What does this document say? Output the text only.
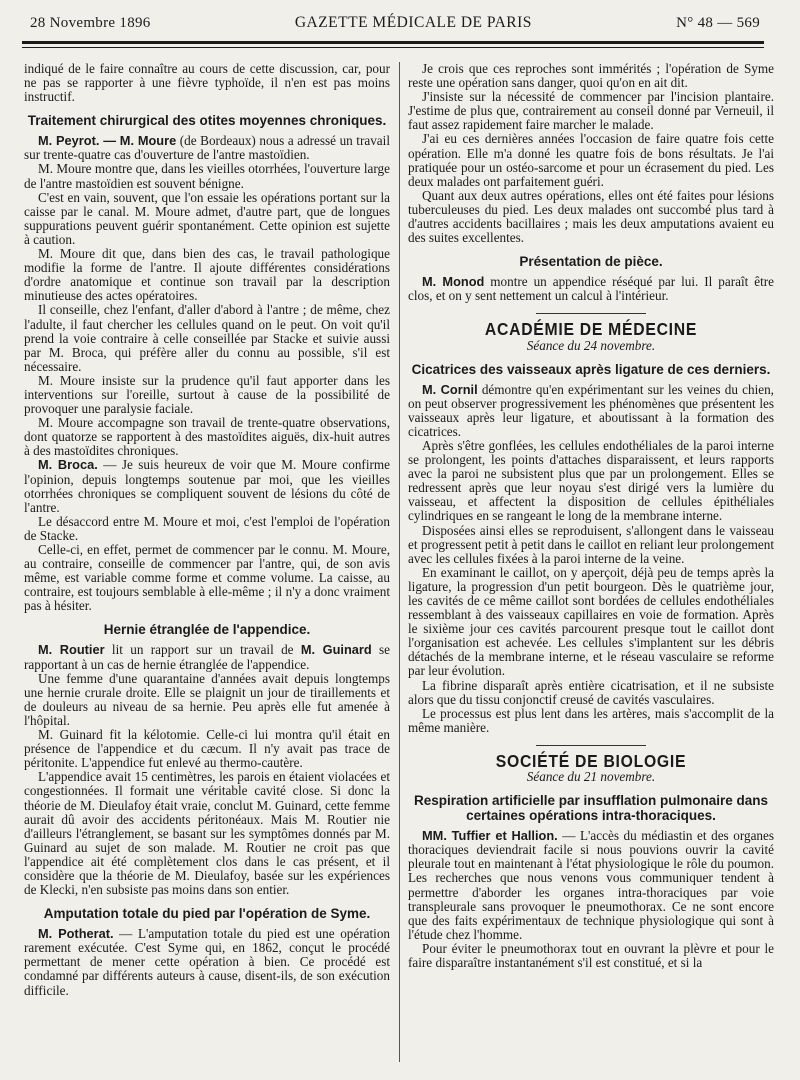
28 Novembre 1896	GAZETTE MÉDICALE DE PARIS	N° 48 — 569

indiqué de le faire connaître au cours de cette discussion, car, pour ne pas se rapporter à une fièvre typhoïde, il n'en est pas moins instructif.

Traitement chirurgical des otites moyennes chroniques.

M. Peyrot. — M. Moure (de Bordeaux) nous a adressé un travail sur trente-quatre cas d'ouverture de l'antre mastoïdien.

M. Moure montre que, dans les vieilles otorrhées, l'ouverture large de l'antre mastoïdien est souvent bénigne.

C'est en vain, souvent, que l'on essaie les opérations portant sur la caisse par le canal. M. Moure admet, d'autre part, que de longues suppurations peuvent guérir spontanément. Cette opinion est sujette à caution.

M. Moure dit que, dans bien des cas, le travail pathologique modifie la forme de l'antre. Il ajoute différentes considérations d'ordre anatomique et continue son travail par la description minutieuse des actes opératoires.

Il conseille, chez l'enfant, d'aller d'abord à l'antre ; de même, chez l'adulte, il faut chercher les cellules quand on le peut. On voit qu'il prend la voie contraire à celle conseillée par Stacke et suivie aussi par M. Broca, qui préfère aller du connu au possible, s'il est nécessaire.

M. Moure insiste sur la prudence qu'il faut apporter dans les interventions sur l'oreille, surtout à cause de la possibilité de provoquer une paralysie faciale.

M. Moure accompagne son travail de trente-quatre observations, dont quatorze se rapportent à des mastoïdites aiguës, dix-huit autres à des mastoïdites chroniques.

M. Broca. — Je suis heureux de voir que M. Moure confirme l'opinion, depuis longtemps soutenue par moi, que les vieilles otorrhées chroniques se compliquent souvent de lésions du côté de l'antre.

Le désaccord entre M. Moure et moi, c'est l'emploi de l'opération de Stacke.

Celle-ci, en effet, permet de commencer par le connu. M. Moure, au contraire, conseille de commencer par l'antre, qui, de son avis même, est variable comme forme et comme volume. La caisse, au contraire, est toujours semblable à elle-même ; il n'y a donc vraiment pas à hésiter.

Hernie étranglée de l'appendice.

M. Routier lit un rapport sur un travail de M. Guinard se rapportant à un cas de hernie étranglée de l'appendice.

Une femme d'une quarantaine d'années avait depuis longtemps une hernie crurale droite. Elle se plaignit un jour de tiraillements et de douleurs au niveau de sa hernie. Peu après elle fut amenée à l'hôpital.

M. Guinard fit la kélotomie. Celle-ci lui montra qu'il était en présence de l'appendice et du cæcum. Il n'y avait pas trace de péritonite. L'appendice fut enlevé au thermo-cautère.

L'appendice avait 15 centimètres, les parois en étaient violacées et congestionnées. Il formait une véritable cavité close. Si donc la théorie de M. Dieulafoy était vraie, conclut M. Guinard, cette femme aurait dû avoir des accidents péritonéaux. Mais M. Routier nie d'ailleurs l'étranglement, se basant sur les symptômes donnés par M. Guinard au sujet de son malade. M. Routier ne croit pas que l'appendice ait été complètement clos dans le cas présent, et il considère que la théorie de M. Dieulafoy, basée sur les expériences de Klecki, n'en subsiste pas moins dans son entier.

Amputation totale du pied par l'opération de Syme.

M. Potherat. — L'amputation totale du pied est une opération rarement exécutée. C'est Syme qui, en 1862, conçut le procédé permettant de mener cette opération à bien. Ce procédé est condamné par différents auteurs à cause, disent-ils, de son exécution difficile.

Je crois que ces reproches sont immérités ; l'opération de Syme reste une opération sans danger, quoi qu'on en ait dit.

J'insiste sur la nécessité de commencer par l'incision plantaire. J'estime de plus que, contrairement au conseil donné par Verneuil, il faut assez rapidement faire marcher le malade.

J'ai eu ces dernières années l'occasion de faire quatre fois cette opération. Elle m'a donné les quatre fois de bons résultats. Je l'ai pratiquée pour un ostéo-sarcome et pour un écrasement du pied. Les deux malades ont parfaitement guéri.

Quant aux deux autres opérations, elles ont été faites pour lésions tuberculeuses du pied. Les deux malades ont succombé plus tard à d'autres accidents bacillaires ; mais les deux amputations avaient eu des suites excellentes.

Présentation de pièce.

M. Monod montre un appendice réséqué par lui. Il paraît être clos, et on y sent nettement un calcul à l'intérieur.

ACADÉMIE DE MÉDECINE
Séance du 24 novembre.
Cicatrices des vaisseaux après ligature de ces derniers.

M. Cornil démontre qu'en expérimentant sur les veines du chien, on peut observer progressivement les phénomènes que présentent les vaisseaux après leur ligature, et aboutissant à la formation des cicatrices.

Après s'être gonflées, les cellules endothéliales de la paroi interne se prolongent, les points d'attaches disparaissent, et leurs rapports avec la paroi ne subsistent plus que par un prolongement. Elles se redressent après que leur noyau s'est dirigé vers la lumière du vaisseau, et affectent la disposition de cellules épithéliales cylindriques en se rangeant le long de la membrane interne.

Disposées ainsi elles se reproduisent, s'allongent dans le vaisseau et progressent petit à petit dans le caillot en reliant leur prolongement avec les cellules fixées à la paroi interne de la veine.

En examinant le caillot, on y aperçoit, déjà peu de temps après la ligature, la progression d'un petit bourgeon. Dès le quatrième jour, les cavités de ce même caillot sont bordées de cellules endothéliales ressemblant à des vaisseaux capillaires en voie de formation. Après le sixième jour ces cavités parcourent presque tout le caillot dont l'organisation est achevée. Les cellules s'implantent sur les débris détachés de la membrane interne, et le réseau vasculaire se reforme par leur évolution.

La fibrine disparaît après entière cicatrisation, et il ne subsiste alors que du tissu conjonctif creusé de cavités vasculaires.

Le processus est plus lent dans les artères, mais s'accomplit de la même manière.

SOCIÉTÉ DE BIOLOGIE
Séance du 21 novembre.
Respiration artificielle par insufflation pulmonaire dans certaines opérations intra-thoraciques.

MM. Tuffier et Hallion. — L'accès du médiastin et des organes thoraciques deviendrait facile si nous pouvions ouvrir la cavité pleurale tout en maintenant à l'état physiologique le rôle du poumon. Les recherches que nous venons vous communiquer tendent à permettre d'aborder les organes intra-thoraciques par voie transpleurale sans provoquer le pneumothorax. Ce ne sont encore que des faits expérimentaux de technique physiologique qui sont à l'étude chez l'homme.

Pour éviter le pneumothorax tout en ouvrant la plèvre et pour le faire disparaître instantanément s'il est constitué, et si la
